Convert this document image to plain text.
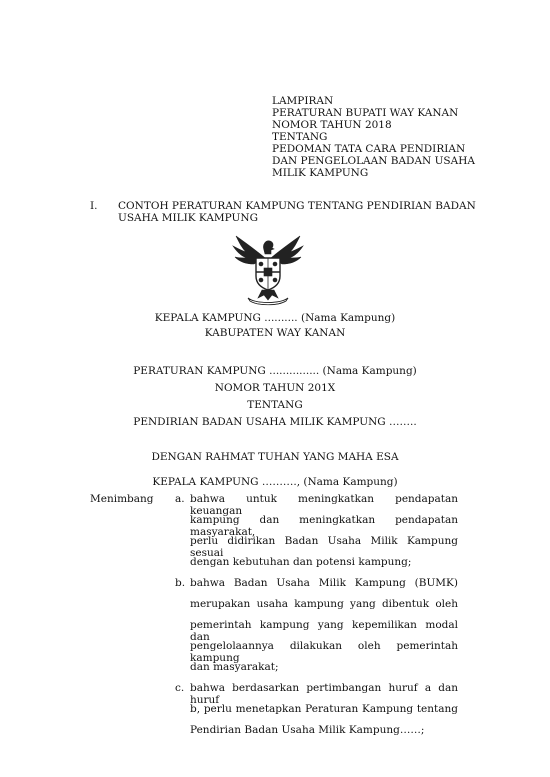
LAMPIRAN
PERATURAN BUPATI WAY KANAN
NOMOR TAHUN 2018
TENTANG
PEDOMAN TATA CARA PENDIRIAN
DAN PENGELOLAAN BADAN USAHA
MILIK KAMPUNG
I. CONTOH PERATURAN KAMPUNG TENTANG PENDIRIAN BADAN
USAHA MILIK KAMPUNG
KEPALA KAMPUNG .......... (Nama Kampung)
KABUPATEN WAY KANAN
PERATURAN KAMPUNG ............... (Nama Kampung)
NOMOR TAHUN 201X
TENTANG
PENDIRIAN BADAN USAHA MILIK KAMPUNG ……..
DENGAN RAHMAT TUHAN YANG MAHA ESA
KEPALA KAMPUNG ………., (Nama Kampung)
Menimbang a. bahwa untuk meningkatkan pendapatan keuangan
kampung dan meningkatkan pendapatan masyarakat,
perlu didirikan Badan Usaha Milik Kampung sesuai
dengan kebutuhan dan potensi kampung;
b. bahwa Badan Usaha Milik Kampung (BUMK)
merupakan usaha kampung yang dibentuk oleh
pemerintah kampung yang kepemilikan modal dan
pengelolaannya dilakukan oleh pemerintah kampung
dan masyarakat;
c. bahwa berdasarkan pertimbangan huruf a dan huruf
b, perlu menetapkan Peraturan Kampung tentang
Pendirian Badan Usaha Milik Kampung……;
